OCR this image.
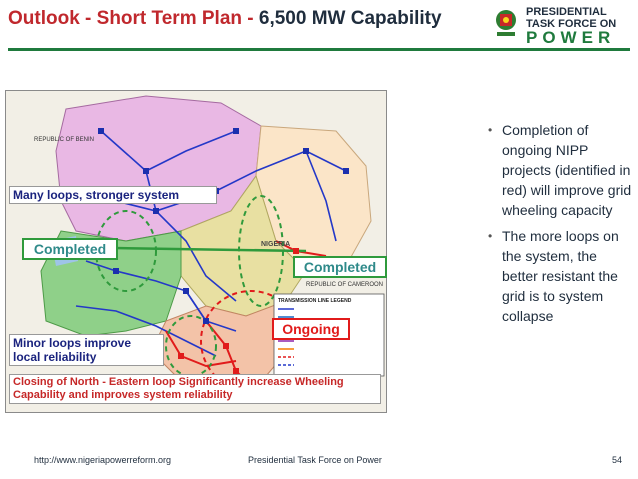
Outlook - Short Term Plan - 6,500 MW Capability	PRESIDENTIAL
TASK FORCE ON
POWER
REPUBLIC OF BENIN
NIGERIA
REPUBLIC OF CAMEROON
TRANSMISSION LINE LEGEND
Many loops, stronger system
Completed
Completed
Ongoing
Minor loops improve local reliability
Closing of North - Eastern loop Significantly increase Wheeling Capability and improves system reliability
• Completion of ongoing NIPP projects (identified in red) will improve grid wheeling capacity
• The more loops on the system, the better resistant the grid is to system collapse
http://www.nigeriapowerreform.org	Presidential Task Force on Power	54
